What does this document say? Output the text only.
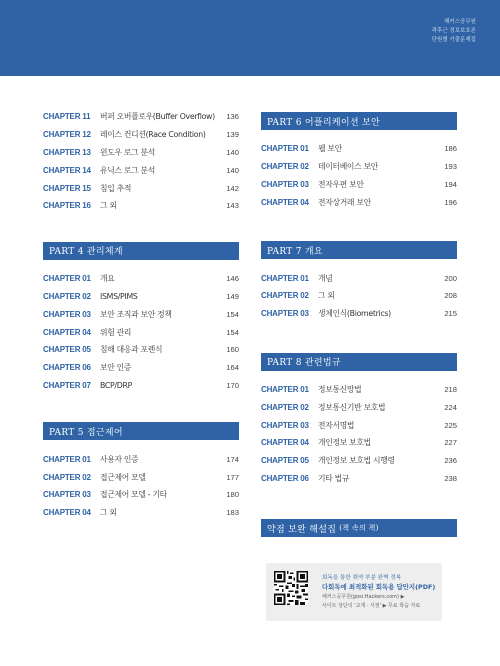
해커스공무원
곽후근 정보보호론
단원별 기출문제집
CHAPTER 11	버퍼 오버플로우(Buffer Overflow)	136
CHAPTER 12	레이스 컨디션(Race Condition)	139
CHAPTER 13	윈도우 로그 분석	140
CHAPTER 14	유닉스 로그 분석	140
CHAPTER 15	침입 추적	142
CHAPTER 16	그 외	143
PART 4 관리체계
CHAPTER 01	개요	146
CHAPTER 02	ISMS/PIMS	149
CHAPTER 03	보안 조직과 보안 정책	154
CHAPTER 04	위험 관리	154
CHAPTER 05	침해 대응과 포렌식	160
CHAPTER 06	보안 인증	164
CHAPTER 07	BCP/DRP	170
PART 5 접근제어
CHAPTER 01	사용자 인증	174
CHAPTER 02	접근제어 모델	177
CHAPTER 03	접근제어 모델 - 기타	180
CHAPTER 04	그 외	183
PART 6 어플리케이션 보안
CHAPTER 01	웹 보안	186
CHAPTER 02	데이터베이스 보안	193
CHAPTER 03	전자우편 보안	194
CHAPTER 04	전자상거래 보안	196
PART 7 개요
CHAPTER 01	개념	200
CHAPTER 02	그 외	208
CHAPTER 03	생체인식(Biometrics)	215
PART 8 관련법규
CHAPTER 01	정보통신망법	218
CHAPTER 02	정보통신기반 보호법	224
CHAPTER 03	전자서명법	225
CHAPTER 04	개인정보 보호법	227
CHAPTER 05	개인정보 보호법 시행령	236
CHAPTER 06	기타 법규	238
약점 보완 해설집 (책 속의 책)
회독을 통한 취약 부분 완벽 정복
다회독에 최적화된 회독용 답안지(PDF)
해커스공무원(gosi.Hackers.com) ▶
사이트 상단의 '교재 · 서점' ▶ 무료 학습 자료
